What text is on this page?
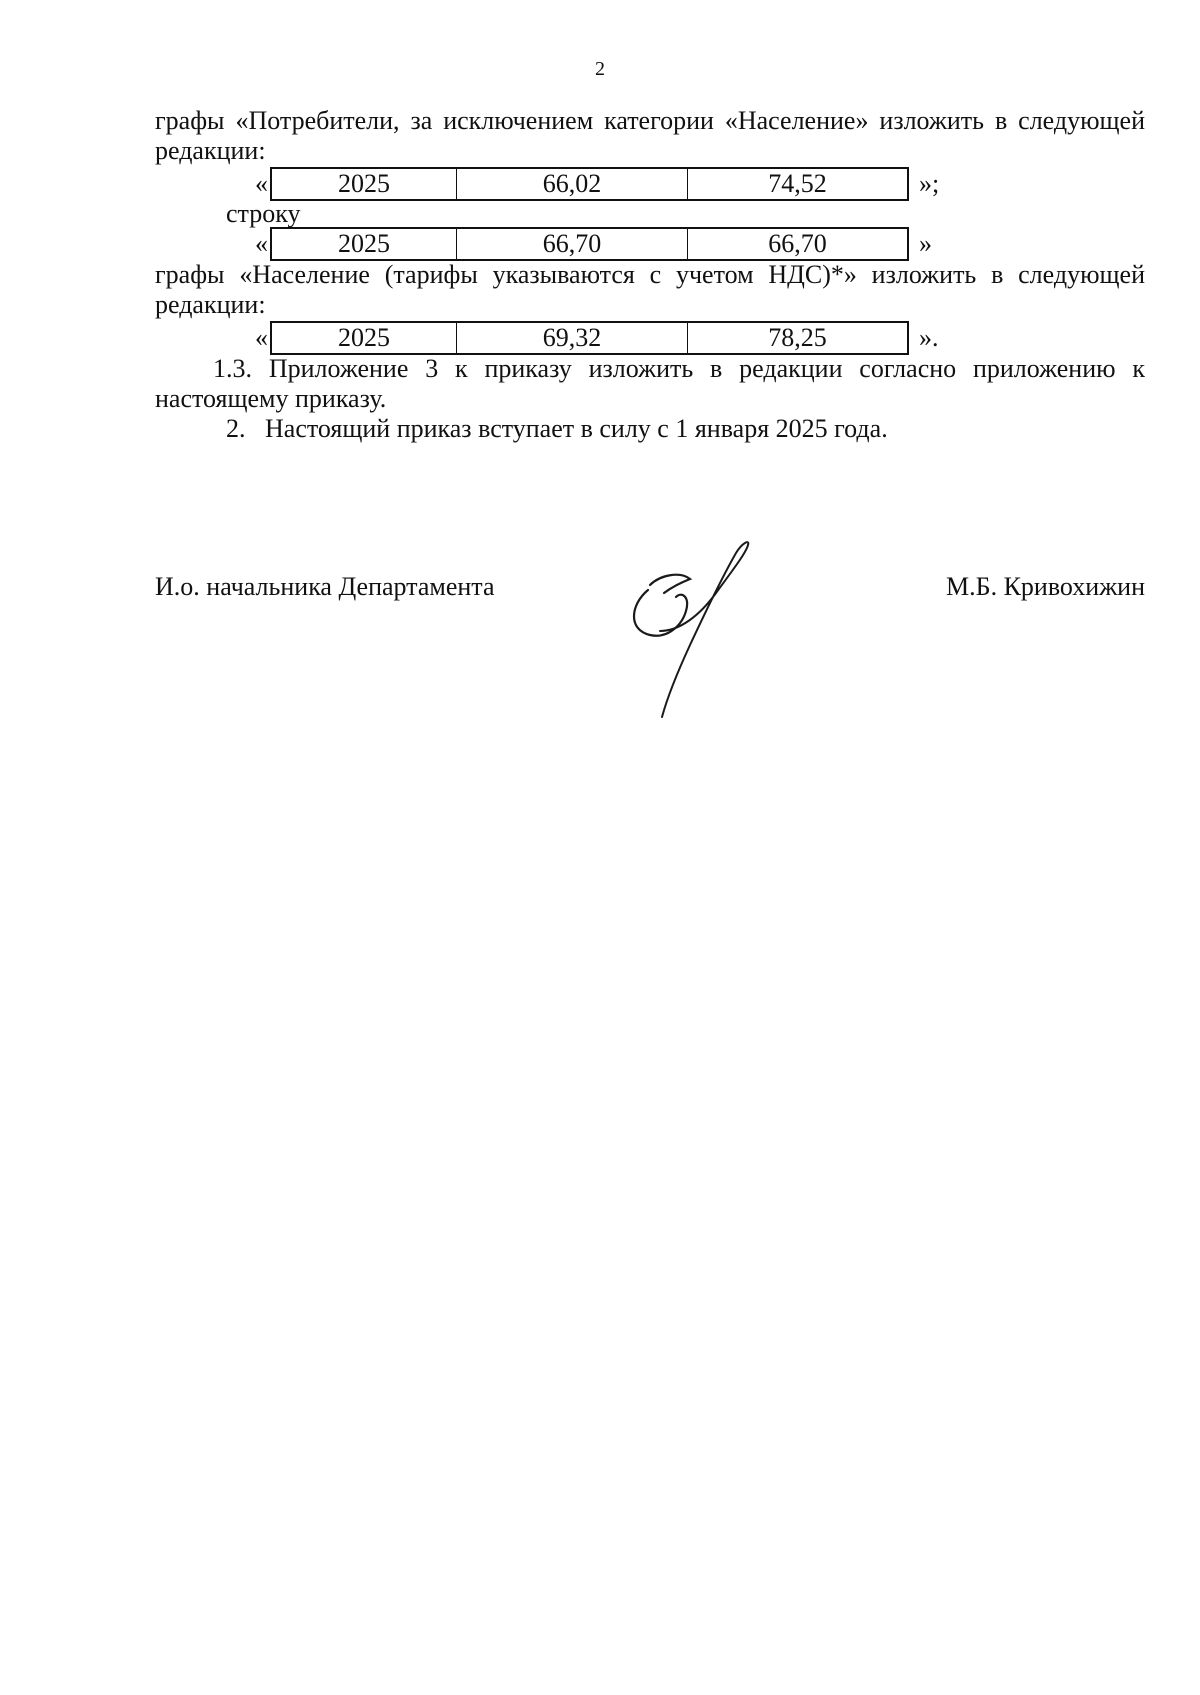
2

графы «Потребители, за исключением категории «Население» изложить в следующей редакции:

«	2025	66,02	74,52	»;

строку

«	2025	66,70	66,70	»

графы «Население (тарифы указываются с учетом НДС)*» изложить в следующей редакции:

«	2025	69,32	78,25	».

1.3. Приложение 3 к приказу изложить в редакции согласно приложению к настоящему приказу.

2.   Настоящий приказ вступает в силу с 1 января 2025 года.

И.о. начальника Департамента	М.Б. Кривохижин
